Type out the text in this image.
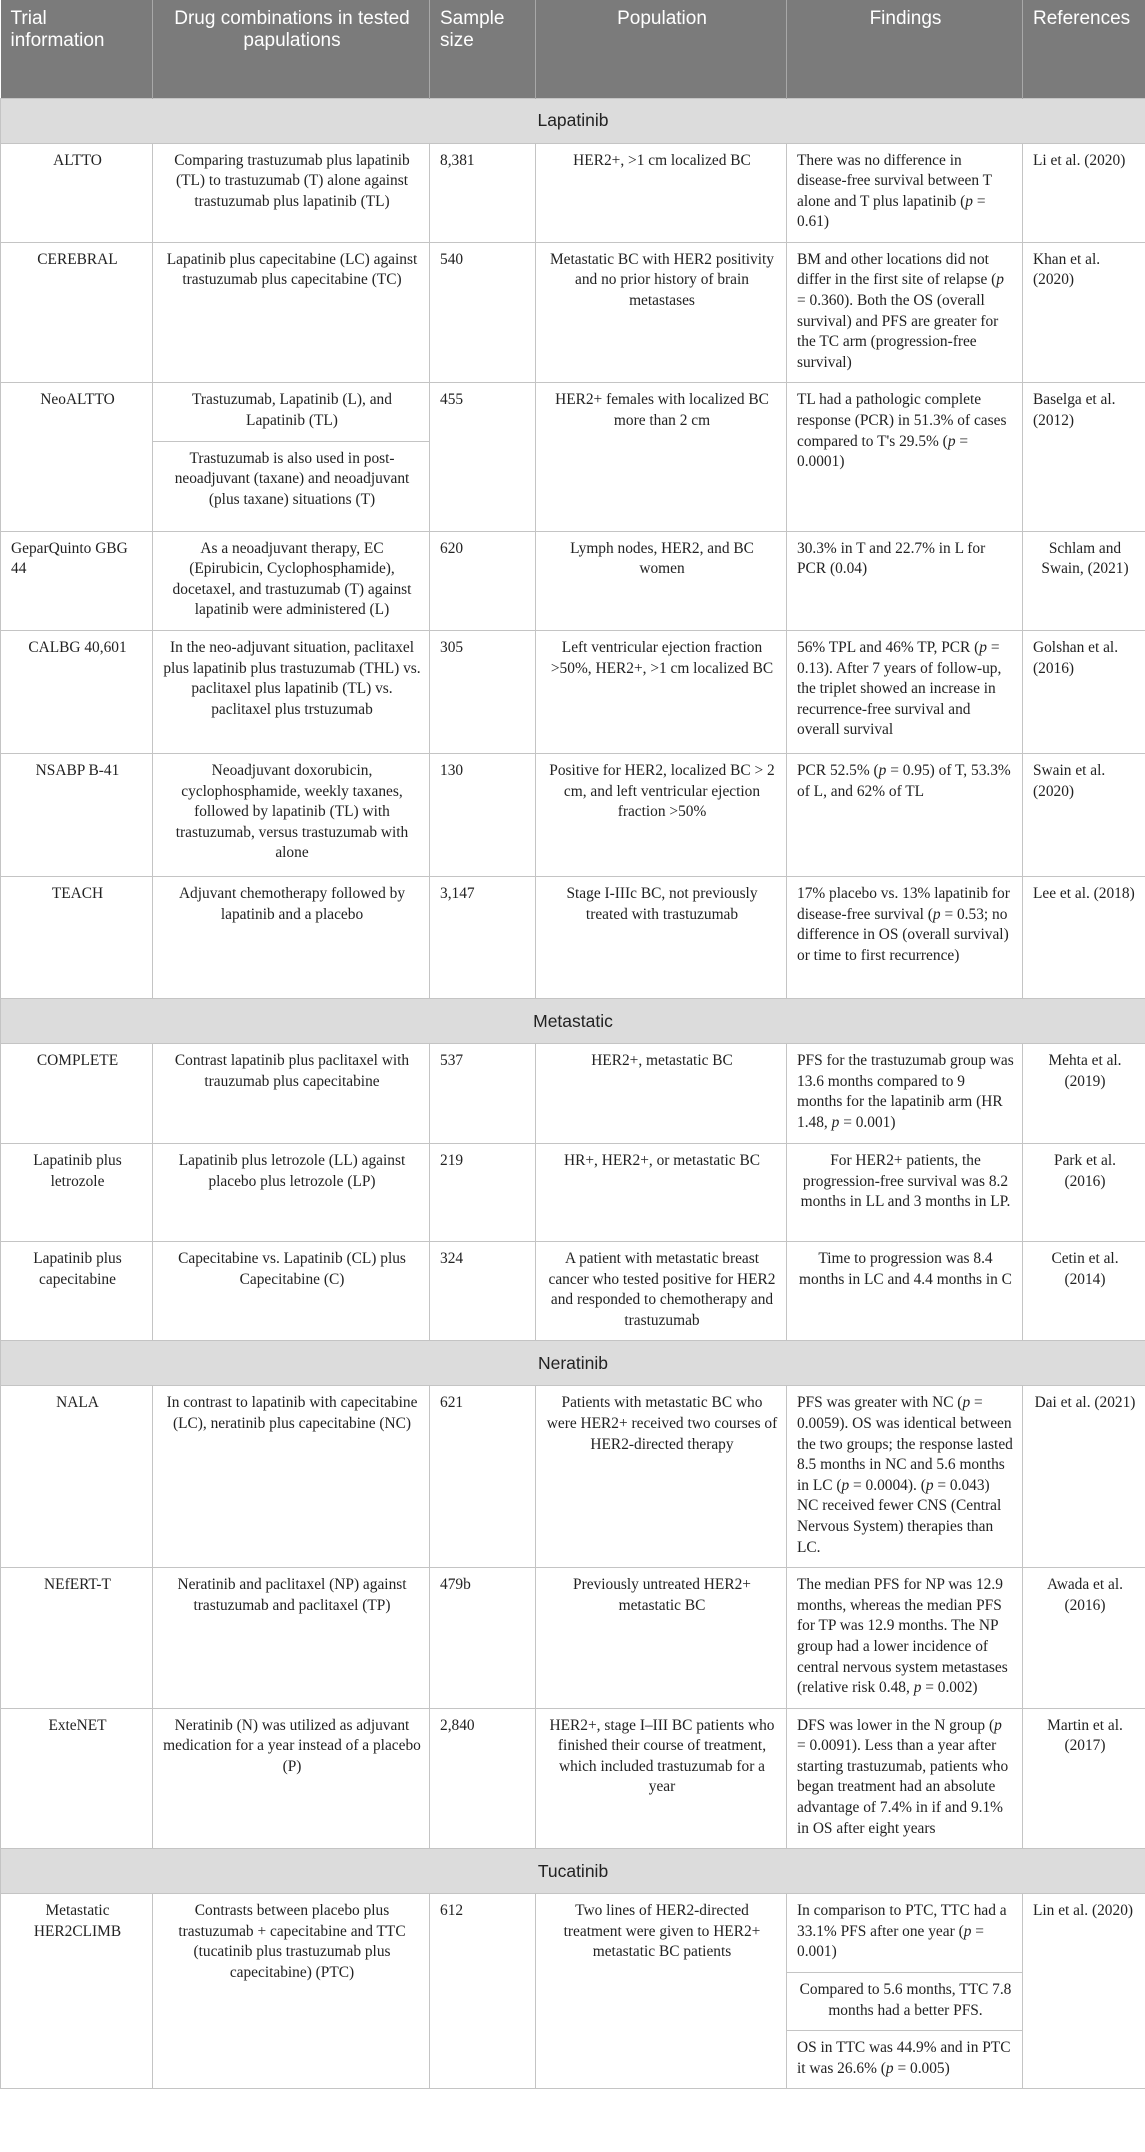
Trial information	Drug combinations in tested papulations	Sample size	Population	Findings	References
Lapatinib					
ALTTO	Comparing trastuzumab plus lapatinib (TL) to trastuzumab (T) alone against trastuzumab plus lapatinib (TL)	8,381	HER2+, >1 cm localized BC	There was no difference in disease-free survival between T alone and T plus lapatinib (p = 0.61)	Li et al. (2020)
CEREBRAL	Lapatinib plus capecitabine (LC) against trastuzumab plus capecitabine (TC)	540	Metastatic BC with HER2 positivity and no prior history of brain metastases	BM and other locations did not differ in the first site of relapse (p = 0.360). Both the OS (overall survival) and PFS are greater for the TC arm (progression-free survival)	Khan et al. (2020)
NeoALTTO	Trastuzumab, Lapatinib (L), and Lapatinib (TL)	455	HER2+ females with localized BC more than 2 cm	TL had a pathologic complete response (PCR) in 51.3% of cases compared to T's 29.5% (p = 0.0001)	Baselga et al. (2012)
	Trastuzumab is also used in post-neoadjuvant (taxane) and neoadjuvant (plus taxane) situations (T)				
GeparQuinto GBG 44	As a neoadjuvant therapy, EC (Epirubicin, Cyclophosphamide), docetaxel, and trastuzumab (T) against lapatinib were administered (L)	620	Lymph nodes, HER2, and BC women	30.3% in T and 22.7% in L for PCR (0.04)	Schlam and Swain, (2021)
CALBG 40,601	In the neo-adjuvant situation, paclitaxel plus lapatinib plus trastuzumab (THL) vs. paclitaxel plus lapatinib (TL) vs. paclitaxel plus trstuzumab	305	Left ventricular ejection fraction >50%, HER2+, >1 cm localized BC	56% TPL and 46% TP, PCR (p = 0.13). After 7 years of follow-up, the triplet showed an increase in recurrence-free survival and overall survival	Golshan et al. (2016)
NSABP B-41	Neoadjuvant doxorubicin, cyclophosphamide, weekly taxanes, followed by lapatinib (TL) with trastuzumab, versus trastuzumab with alone	130	Positive for HER2, localized BC > 2 cm, and left ventricular ejection fraction >50%	PCR 52.5% (p = 0.95) of T, 53.3% of L, and 62% of TL	Swain et al. (2020)
TEACH	Adjuvant chemotherapy followed by lapatinib and a placebo	3,147	Stage I-IIIc BC, not previously treated with trastuzumab	17% placebo vs. 13% lapatinib for disease-free survival (p = 0.53; no difference in OS (overall survival) or time to first recurrence)	Lee et al. (2018)
Metastatic					
COMPLETE	Contrast lapatinib plus paclitaxel with trauzumab plus capecitabine	537	HER2+, metastatic BC	PFS for the trastuzumab group was 13.6 months compared to 9 months for the lapatinib arm (HR 1.48, p = 0.001)	Mehta et al. (2019)
Lapatinib plus letrozole	Lapatinib plus letrozole (LL) against placebo plus letrozole (LP)	219	HR+, HER2+, or metastatic BC	For HER2+ patients, the progression-free survival was 8.2 months in LL and 3 months in LP.	Park et al. (2016)
Lapatinib plus capecitabine	Capecitabine vs. Lapatinib (CL) plus Capecitabine (C)	324	A patient with metastatic breast cancer who tested positive for HER2 and responded to chemotherapy and trastuzumab	Time to progression was 8.4 months in LC and 4.4 months in C	Cetin et al. (2014)
Neratinib					
NALA	In contrast to lapatinib with capecitabine (LC), neratinib plus capecitabine (NC)	621	Patients with metastatic BC who were HER2+ received two courses of HER2-directed therapy	PFS was greater with NC (p = 0.0059). OS was identical between the two groups; the response lasted 8.5 months in NC and 5.6 months in LC (p = 0.0004). (p = 0.043) NC received fewer CNS (Central Nervous System) therapies than LC.	Dai et al. (2021)
NEfERT-T	Neratinib and paclitaxel (NP) against trastuzumab and paclitaxel (TP)	479b	Previously untreated HER2+ metastatic BC	The median PFS for NP was 12.9 months, whereas the median PFS for TP was 12.9 months. The NP group had a lower incidence of central nervous system metastases (relative risk 0.48, p = 0.002)	Awada et al. (2016)
ExteNET	Neratinib (N) was utilized as adjuvant medication for a year instead of a placebo (P)	2,840	HER2+, stage I–III BC patients who finished their course of treatment, which included trastuzumab for a year	DFS was lower in the N group (p = 0.0091). Less than a year after starting trastuzumab, patients who began treatment had an absolute advantage of 7.4% in if and 9.1% in OS after eight years	Martin et al. (2017)
Tucatinib					
Metastatic HER2CLIMB	Contrasts between placebo plus trastuzumab + capecitabine and TTC (tucatinib plus trastuzumab plus capecitabine) (PTC)	612	Two lines of HER2-directed treatment were given to HER2+ metastatic BC patients	In comparison to PTC, TTC had a 33.1% PFS after one year (p = 0.001)	Lin et al. (2020)
				Compared to 5.6 months, TTC 7.8 months had a better PFS.	
				OS in TTC was 44.9% and in PTC it was 26.6% (p = 0.005)	
